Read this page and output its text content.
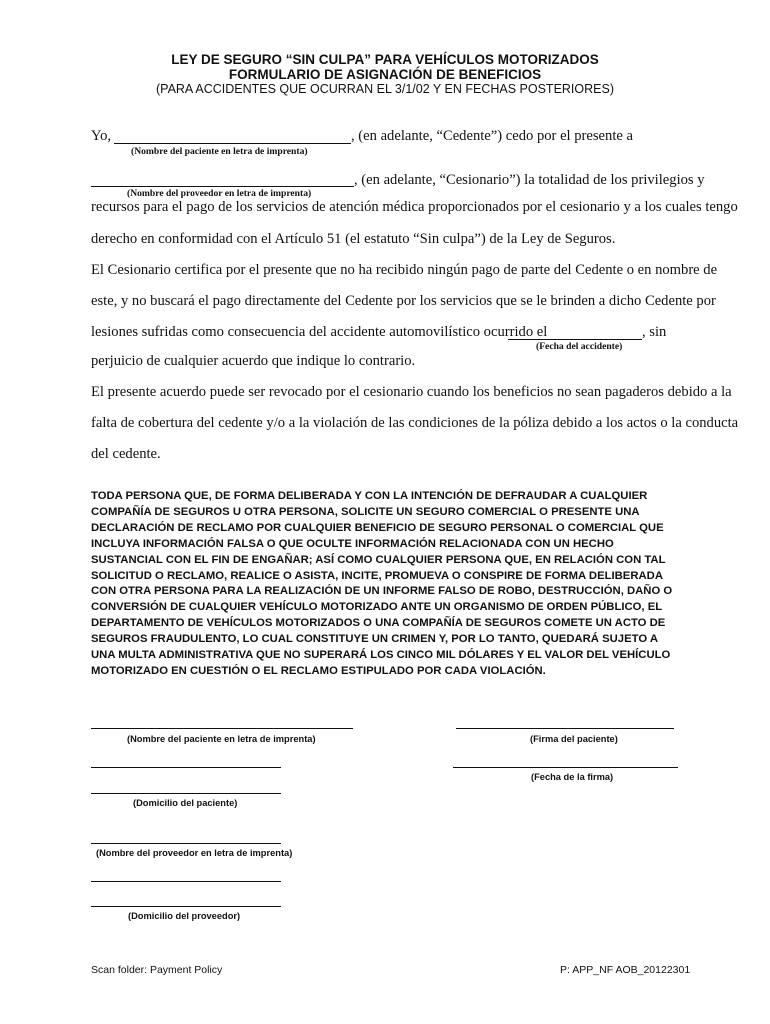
LEY DE SEGURO “SIN CULPA” PARA VEHÍCULOS MOTORIZADOS
FORMULARIO DE ASIGNACIÓN DE BENEFICIOS
(PARA ACCIDENTES QUE OCURRAN EL 3/1/02 Y EN FECHAS POSTERIORES)
Yo,	, (en adelante, “Cedente”) cedo por el presente a
(Nombre del paciente en letra de imprenta)
, (en adelante, “Cesionario”) la totalidad de los privilegios y
(Nombre del proveedor en letra de imprenta)
recursos para el pago de los servicios de atención médica proporcionados por el cesionario y a los cuales tengo
derecho en conformidad con el Artículo 51 (el estatuto “Sin culpa”) de la Ley de Seguros.
El Cesionario certifica por el presente que no ha recibido ningún pago de parte del Cedente o en nombre de
este, y no buscará el pago directamente del Cedente por los servicios que se le brinden a dicho Cedente por
lesiones sufridas como consecuencia del accidente automovilístico ocurrido el	, sin
(Fecha del accidente)
perjuicio de cualquier acuerdo que indique lo contrario.
El presente acuerdo puede ser revocado por el cesionario cuando los beneficios no sean pagaderos debido a la
falta de cobertura del cedente y/o a la violación de las condiciones de la póliza debido a los actos o la conducta
del cedente.
TODA PERSONA QUE, DE FORMA DELIBERADA Y CON LA INTENCIÓN DE DEFRAUDAR A CUALQUIER
COMPAÑÍA DE SEGUROS U OTRA PERSONA, SOLICITE UN SEGURO COMERCIAL O PRESENTE UNA
DECLARACIÓN DE RECLAMO POR CUALQUIER BENEFICIO DE SEGURO PERSONAL O COMERCIAL QUE
INCLUYA INFORMACIÓN FALSA O QUE OCULTE INFORMACIÓN RELACIONADA CON UN HECHO
SUSTANCIAL CON EL FIN DE ENGAÑAR; ASÍ COMO CUALQUIER PERSONA QUE, EN RELACIÓN CON TAL
SOLICITUD O RECLAMO, REALICE O ASISTA, INCITE, PROMUEVA O CONSPIRE DE FORMA DELIBERADA
CON OTRA PERSONA PARA LA REALIZACIÓN DE UN INFORME FALSO DE ROBO, DESTRUCCIÓN, DAÑO O
CONVERSIÓN DE CUALQUIER VEHÍCULO MOTORIZADO ANTE UN ORGANISMO DE ORDEN PÚBLICO, EL
DEPARTAMENTO DE VEHÍCULOS MOTORIZADOS O UNA COMPAÑÍA DE SEGUROS COMETE UN ACTO DE
SEGUROS FRAUDULENTO, LO CUAL CONSTITUYE UN CRIMEN Y, POR LO TANTO, QUEDARÁ SUJETO A
UNA MULTA ADMINISTRATIVA QUE NO SUPERARÁ LOS CINCO MIL DÓLARES Y EL VALOR DEL VEHÍCULO
MOTORIZADO EN CUESTIÓN O EL RECLAMO ESTIPULADO POR CADA VIOLACIÓN.
(Nombre del paciente en letra de imprenta)	(Firma del paciente)
(Fecha de la firma)
(Domicilio del paciente)
(Nombre del proveedor en letra de imprenta)
(Domicilio del proveedor)
Scan folder: Payment Policy	P: APP_NF AOB_20122301
